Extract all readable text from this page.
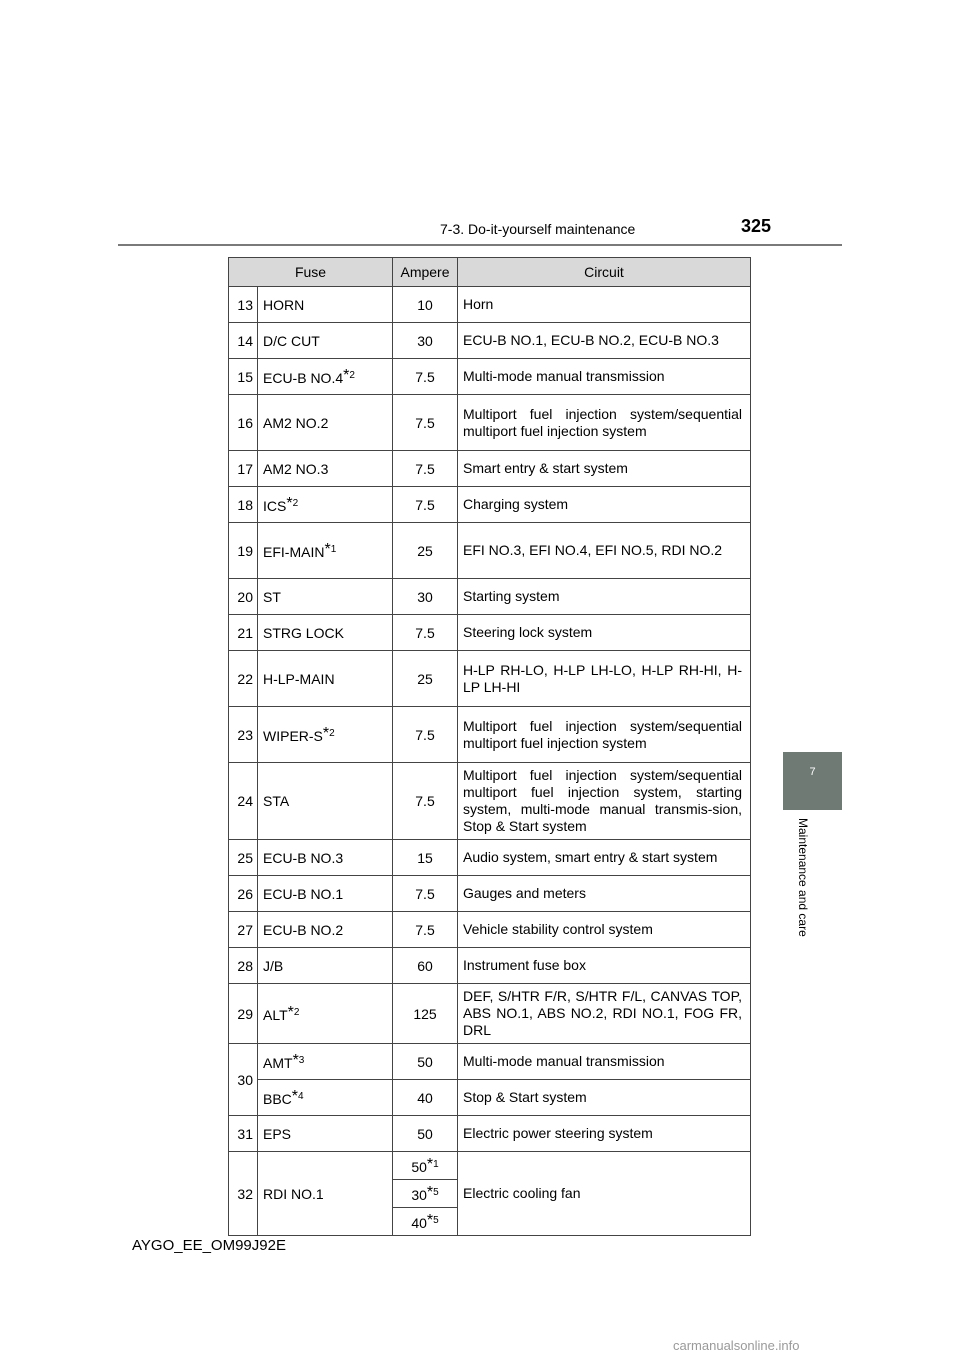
7-3. Do-it-yourself maintenance	325
7
Maintenance and care
Fuse		Ampere	Circuit
13	HORN	10	Horn
14	D/C CUT	30	ECU-B NO.1, ECU-B NO.2, ECU-B NO.3
15	ECU-B NO.4$^{*2}$	7.5	Multi-mode manual transmission
16	AM2 NO.2	7.5	Multiport fuel injection system/sequential multiport fuel injection system
17	AM2 NO.3	7.5	Smart entry & start system
18	ICS$^{*2}$	7.5	Charging system
19	EFI-MAIN$^{*1}$	25	EFI NO.3, EFI NO.4, EFI NO.5, RDI NO.2
20	ST	30	Starting system
21	STRG LOCK	7.5	Steering lock system
22	H-LP-MAIN	25	H-LP RH-LO, H-LP LH-LO, H-LP RH-HI, H-LP LH-HI
23	WIPER-S$^{*2}$	7.5	Multiport fuel injection system/sequential multiport fuel injection system
24	STA	7.5	Multiport fuel injection system/sequential multiport fuel injection system, starting system, multi-mode manual transmis-sion, Stop & Start system
25	ECU-B NO.3	15	Audio system, smart entry & start system
26	ECU-B NO.1	7.5	Gauges and meters
27	ECU-B NO.2	7.5	Vehicle stability control system
28	J/B	60	Instrument fuse box
29	ALT$^{*2}$	125	DEF, S/HTR F/R, S/HTR F/L, CANVAS TOP, ABS NO.1, ABS NO.2, RDI NO.1, FOG FR, DRL
30	AMT$^{*3}$	50	Multi-mode manual transmission
	BBC$^{*4}$	40	Stop & Start system
31	EPS	50	Electric power steering system
32	RDI NO.1	50$^{*1}$	Electric cooling fan
		30$^{*5}$
		40$^{*5}$
AYGO_EE_OM99J92E
carmanualsonline.info
